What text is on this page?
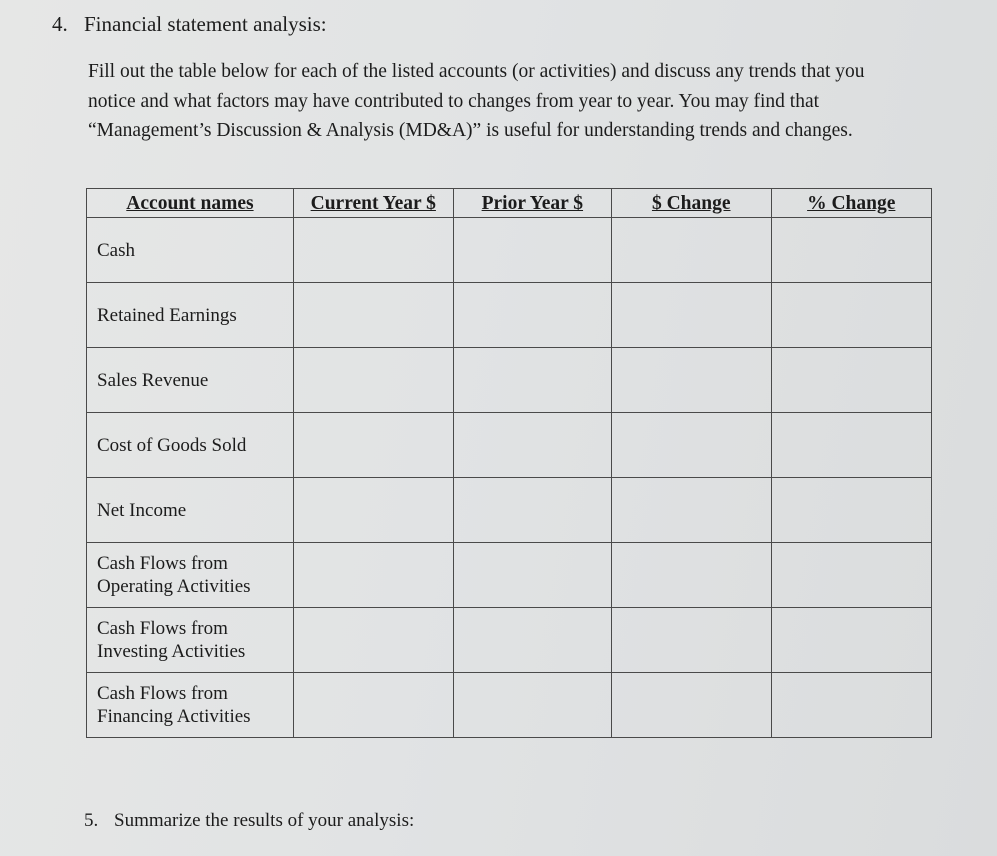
4. Financial statement analysis:
Fill out the table below for each of the listed accounts (or activities) and discuss any trends that you notice and what factors may have contributed to changes from year to year. You may find that “Management’s Discussion & Analysis (MD&A)” is useful for understanding trends and changes.
Account names	Current Year $	Prior Year $	$ Change	% Change
Cash				
Retained Earnings				
Sales Revenue				
Cost of Goods Sold				
Net Income				
Cash Flows from Operating Activities				
Cash Flows from Investing Activities				
Cash Flows from Financing Activities				
5. Summarize the results of your analysis:
